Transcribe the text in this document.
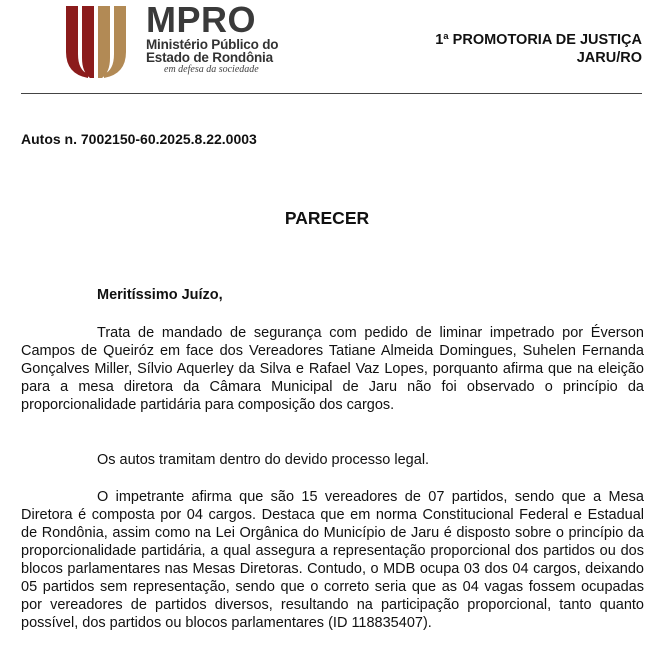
MPRO
Ministério Público do
Estado de Rondônia
em defesa da sociedade
1ª PROMOTORIA DE JUSTIÇA
JARU/RO
Autos n. 7002150-60.2025.8.22.0003
PARECER
Meritíssimo Juízo,

Trata de mandado de segurança com pedido de liminar impetrado por Éverson Campos de Queiróz em face dos Vereadores Tatiane Almeida Domingues, Suhelen Fernanda Gonçalves Miller, Sílvio Aquerley da Silva e Rafael Vaz Lopes, porquanto afirma que na eleição para a mesa diretora da Câmara Municipal de Jaru não foi observado o princípio da proporcionalidade partidária para composição dos cargos.

Os autos tramitam dentro do devido processo legal.

O impetrante afirma que são 15 vereadores de 07 partidos, sendo que a Mesa Diretora é composta por 04 cargos. Destaca que em norma Constitucional Federal e Estadual de Rondônia, assim como na Lei Orgânica do Município de Jaru é disposto sobre o princípio da proporcionalidade partidária, a qual assegura a representação proporcional dos partidos ou dos blocos parlamentares nas Mesas Diretoras. Contudo, o MDB ocupa 03 dos 04 cargos, deixando 05 partidos sem representação, sendo que o correto seria que as 04 vagas fossem ocupadas por vereadores de partidos diversos, resultando na participação proporcional, tanto quanto possível, dos partidos ou blocos parlamentares (ID 118835407).
